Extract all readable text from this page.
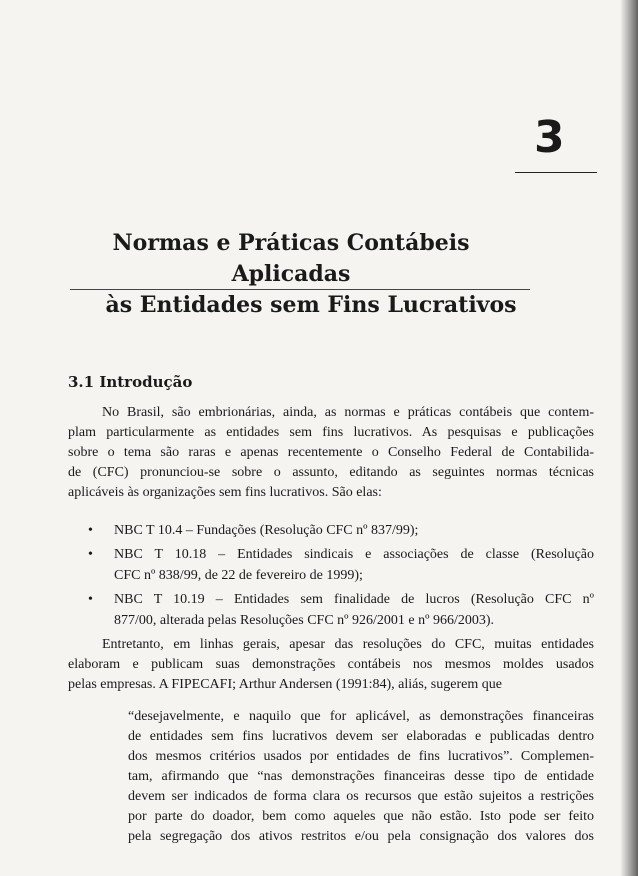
3
Normas e Práticas Contábeis Aplicadas
às Entidades sem Fins Lucrativos
3.1 Introdução
No Brasil, são embrionárias, ainda, as normas e práticas contábeis que contem-
plam particularmente as entidades sem fins lucrativos. As pesquisas e publicações
sobre o tema são raras e apenas recentemente o Conselho Federal de Contabilida-
de (CFC) pronunciou-se sobre o assunto, editando as seguintes normas técnicas
aplicáveis às organizações sem fins lucrativos. São elas:
• NBC T 10.4 – Fundações (Resolução CFC nº 837/99);
• NBC T 10.18 – Entidades sindicais e associações de classe (Resolução
CFC nº 838/99, de 22 de fevereiro de 1999);
• NBC T 10.19 – Entidades sem finalidade de lucros (Resolução CFC nº
877/00, alterada pelas Resoluções CFC nº 926/2001 e nº 966/2003).
Entretanto, em linhas gerais, apesar das resoluções do CFC, muitas entidades
elaboram e publicam suas demonstrações contábeis nos mesmos moldes usados
pelas empresas. A FIPECAFI; Arthur Andersen (1991:84), aliás, sugerem que
“desejavelmente, e naquilo que for aplicável, as demonstrações financeiras
de entidades sem fins lucrativos devem ser elaboradas e publicadas dentro
dos mesmos critérios usados por entidades de fins lucrativos”. Complemen-
tam, afirmando que “nas demonstrações financeiras desse tipo de entidade
devem ser indicados de forma clara os recursos que estão sujeitos a restrições
por parte do doador, bem como aqueles que não estão. Isto pode ser feito
pela segregação dos ativos restritos e/ou pela consignação dos valores dos
